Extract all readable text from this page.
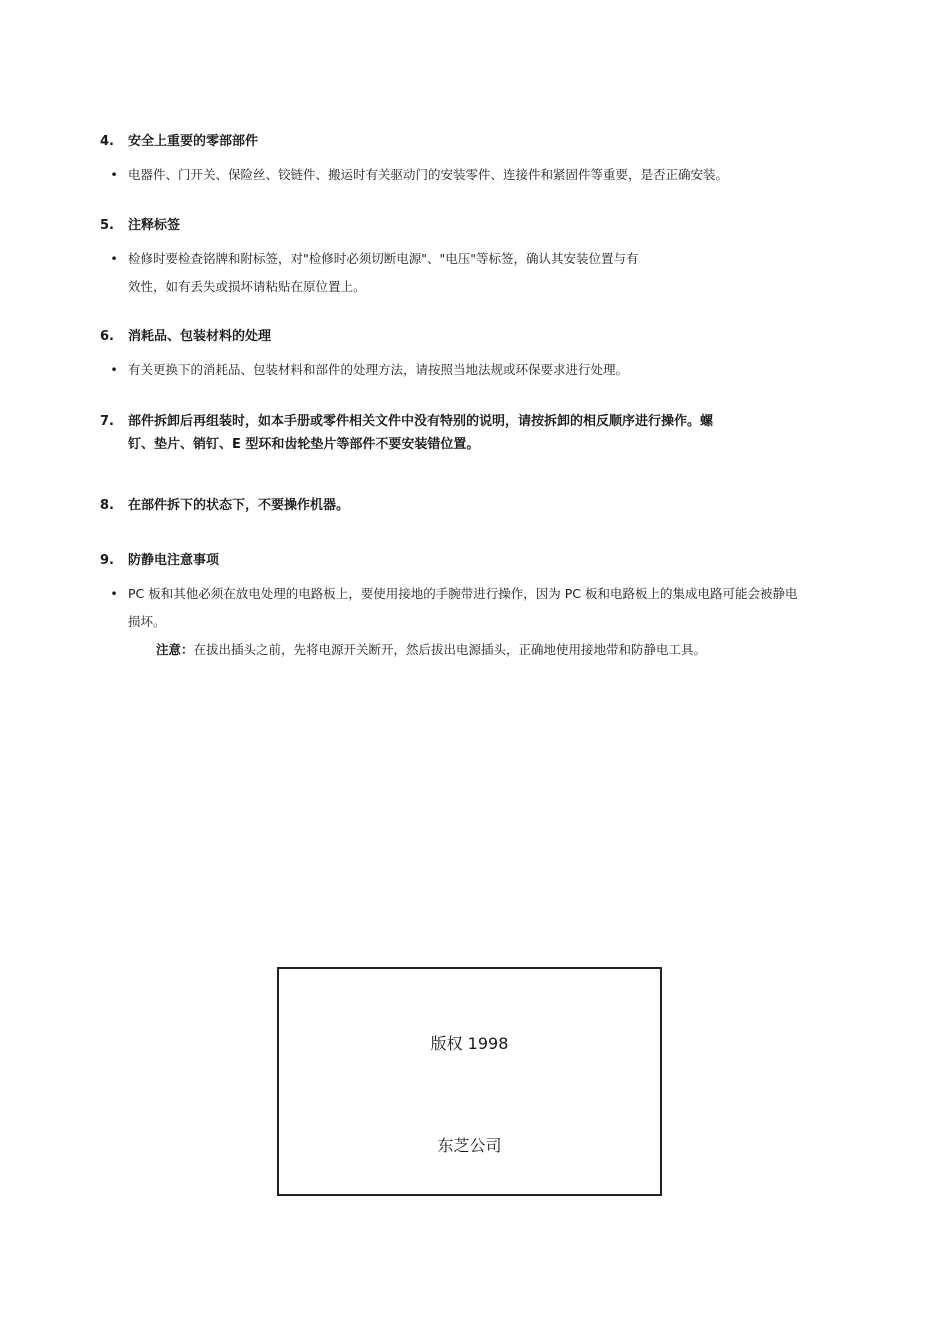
4.	安全上重要的零部部件
• 电器件、门开关、保险丝、铰链件、搬运时有关驱动门的安装零件、连接件和紧固件等重要，是否正确安装。
5.	注释标签
• 检修时要检查铭牌和附标签，对"检修时必须切断电源"、"电压"等标签，确认其安装位置与有
效性，如有丢失或损坏请粘贴在原位置上。
6.	消耗品、包装材料的处理
• 有关更换下的消耗品、包装材料和部件的处理方法，请按照当地法规或环保要求进行处理。
7.	部件拆卸后再组装时，如本手册或零件相关文件中没有特别的说明，请按拆卸的相反顺序进行操作。螺
钉、垫片、销钉、E 型环和齿轮垫片等部件不要安装错位置。
8.	在部件拆下的状态下，不要操作机器。
9.	防静电注意事项
• PC 板和其他必须在放电处理的电路板上，要使用接地的手腕带进行操作，因为 PC 板和电路板上的集成电路可能会被静电
损坏。
注意：在拔出插头之前，先将电源开关断开，然后拔出电源插头，正确地使用接地带和防静电工具。
版权 1998
东芝公司
